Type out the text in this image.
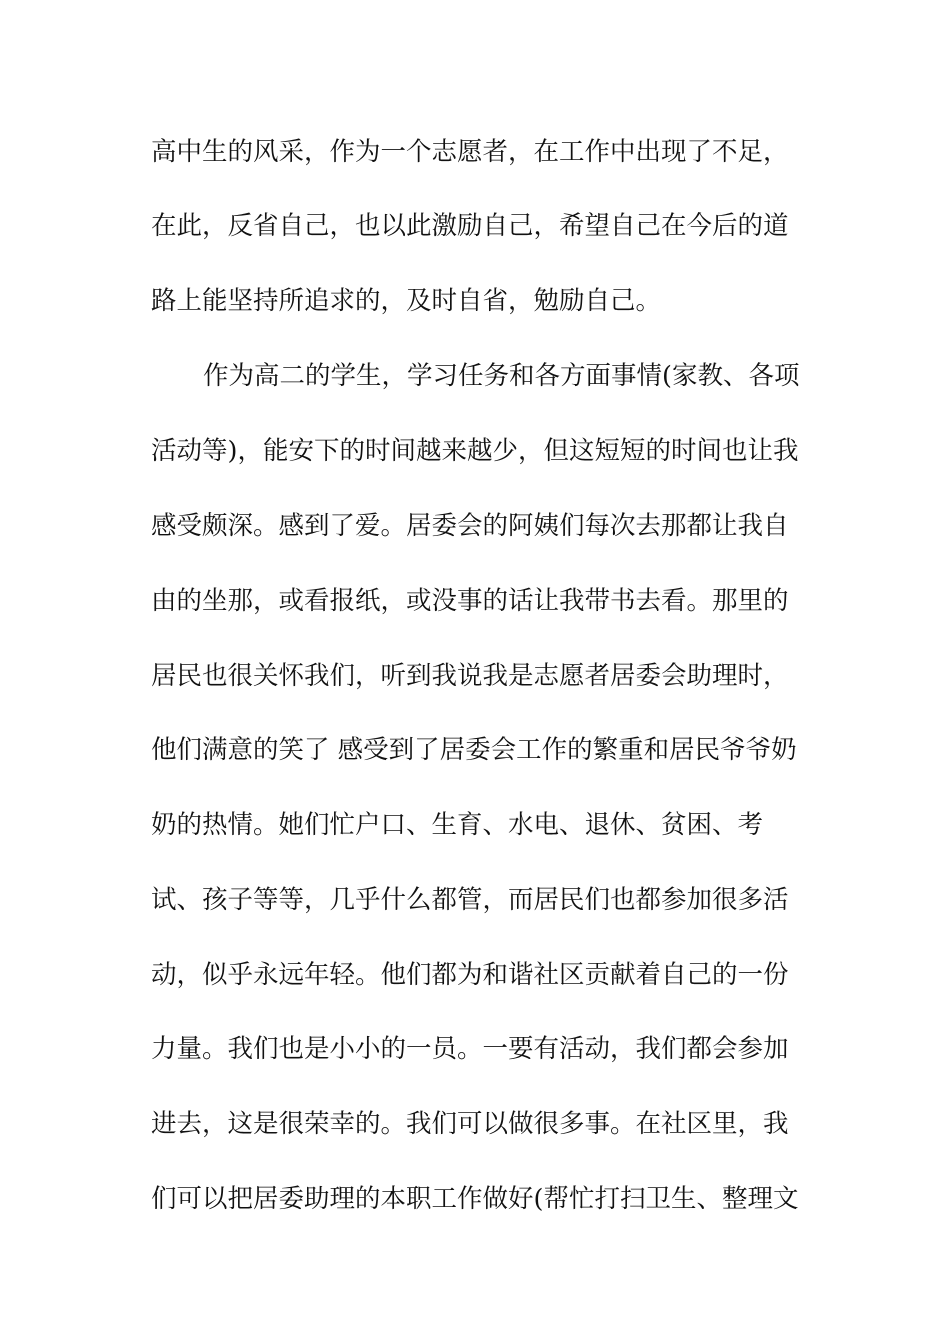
高中生的风采，作为一个志愿者，在工作中出现了不足，
在此，反省自己，也以此激励自己，希望自己在今后的道
路上能坚持所追求的，及时自省，勉励自己。
作为高二的学生，学习任务和各方面事情(家教、各项
活动等)，能安下的时间越来越少，但这短短的时间也让我
感受颇深。感到了爱。居委会的阿姨们每次去那都让我自
由的坐那，或看报纸，或没事的话让我带书去看。那里的
居民也很关怀我们，听到我说我是志愿者居委会助理时，
他们满意的笑了 感受到了居委会工作的繁重和居民爷爷奶
奶的热情。她们忙户口、生育、水电、退休、贫困、考
试、孩子等等，几乎什么都管，而居民们也都参加很多活
动，似乎永远年轻。他们都为和谐社区贡献着自己的一份
力量。我们也是小小的一员。一要有活动，我们都会参加
进去，这是很荣幸的。我们可以做很多事。在社区里，我
们可以把居委助理的本职工作做好(帮忙打扫卫生、整理文
